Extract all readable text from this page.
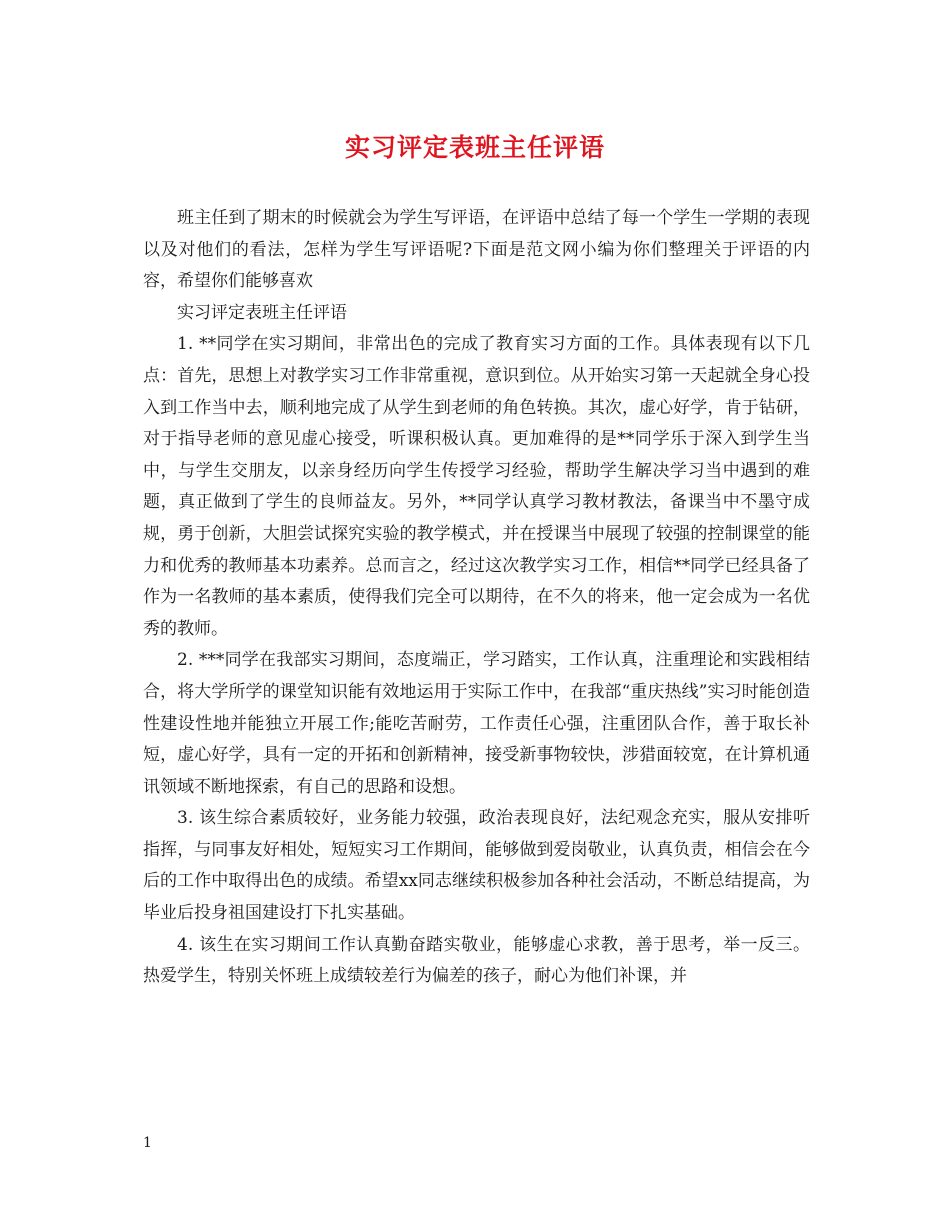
实习评定表班主任评语

班主任到了期末的时候就会为学生写评语，在评语中总结了每一个学生一学期的表现以及对他们的看法，怎样为学生写评语呢?下面是范文网小编为你们整理关于评语的内容，希望你们能够喜欢

实习评定表班主任评语

1. **同学在实习期间，非常出色的完成了教育实习方面的工作。具体表现有以下几点：首先，思想上对教学实习工作非常重视，意识到位。从开始实习第一天起就全身心投入到工作当中去，顺利地完成了从学生到老师的角色转换。其次，虚心好学，肯于钻研，对于指导老师的意见虚心接受，听课积极认真。更加难得的是**同学乐于深入到学生当中，与学生交朋友，以亲身经历向学生传授学习经验，帮助学生解决学习当中遇到的难题，真正做到了学生的良师益友。另外，**同学认真学习教材教法，备课当中不墨守成规，勇于创新，大胆尝试探究实验的教学模式，并在授课当中展现了较强的控制课堂的能力和优秀的教师基本功素养。总而言之，经过这次教学实习工作，相信**同学已经具备了作为一名教师的基本素质，使得我们完全可以期待，在不久的将来，他一定会成为一名优秀的教师。

2. ***同学在我部实习期间，态度端正，学习踏实，工作认真，注重理论和实践相结合，将大学所学的课堂知识能有效地运用于实际工作中，在我部“重庆热线”实习时能创造性建设性地并能独立开展工作;能吃苦耐劳，工作责任心强，注重团队合作，善于取长补短，虚心好学，具有一定的开拓和创新精神，接受新事物较快，涉猎面较宽，在计算机通讯领域不断地探索，有自己的思路和设想。

3. 该生综合素质较好，业务能力较强，政治表现良好，法纪观念充实，服从安排听指挥，与同事友好相处，短短实习工作期间，能够做到爱岗敬业，认真负责，相信会在今后的工作中取得出色的成绩。希望xx同志继续积极参加各种社会活动，不断总结提高，为毕业后投身祖国建设打下扎实基础。

4. 该生在实习期间工作认真勤奋踏实敬业，能够虚心求教，善于思考，举一反三。热爱学生，特别关怀班上成绩较差行为偏差的孩子，耐心为他们补课，并

1
